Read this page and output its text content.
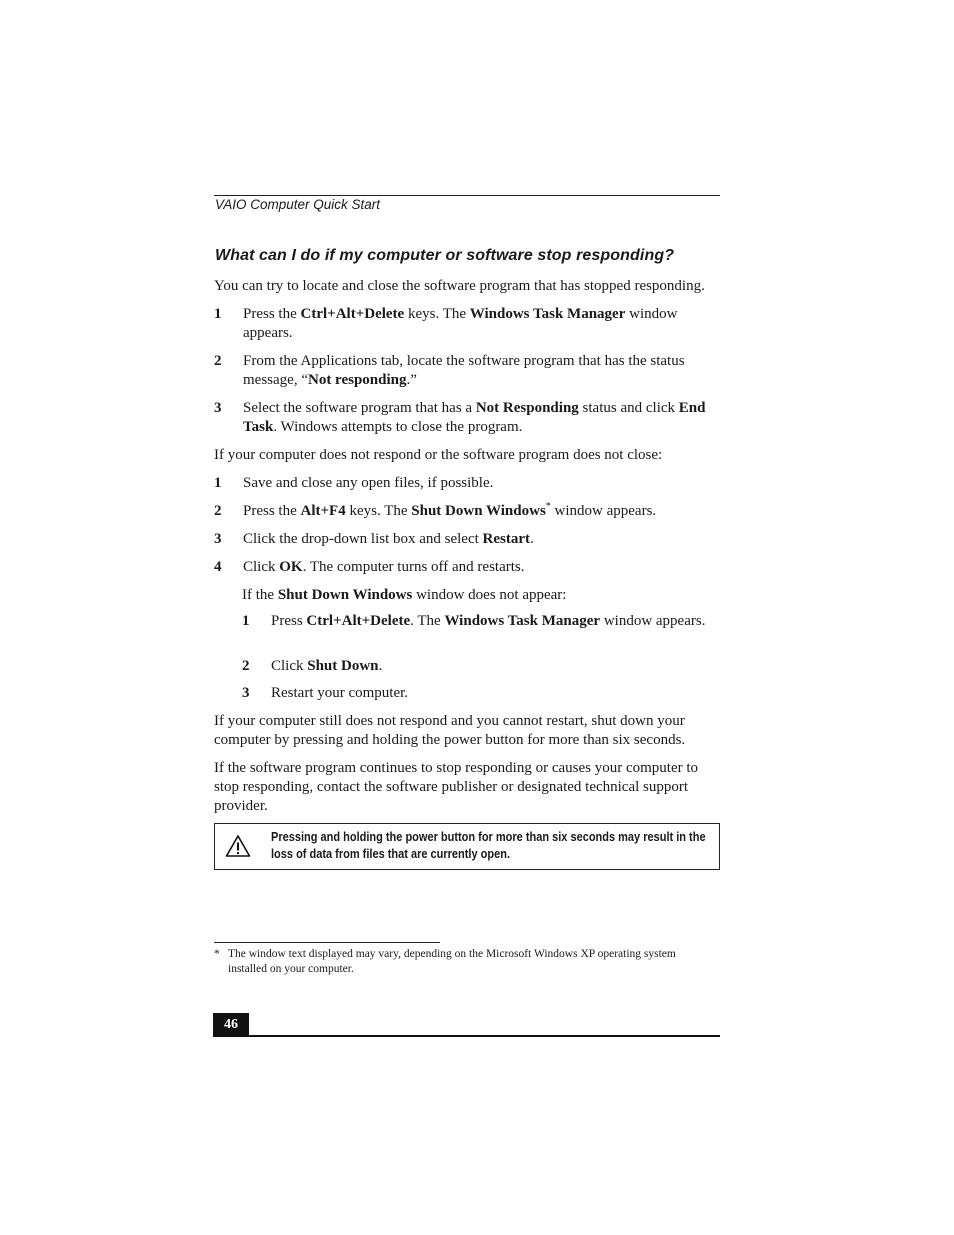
VAIO Computer Quick Start
What can I do if my computer or software stop responding?
You can try to locate and close the software program that has stopped responding.
1 Press the Ctrl+Alt+Delete keys. The Windows Task Manager window appears.
2 From the Applications tab, locate the software program that has the status message, “Not responding.”
3 Select the software program that has a Not Responding status and click End Task. Windows attempts to close the program.
If your computer does not respond or the software program does not close:
1 Save and close any open files, if possible.
2 Press the Alt+F4 keys. The Shut Down Windows* window appears.
3 Click the drop-down list box and select Restart.
4 Click OK. The computer turns off and restarts.
If the Shut Down Windows window does not appear:
1 Press Ctrl+Alt+Delete. The Windows Task Manager window appears.
2 Click Shut Down.
3 Restart your computer.
If your computer still does not respond and you cannot restart, shut down your computer by pressing and holding the power button for more than six seconds.
If the software program continues to stop responding or causes your computer to stop responding, contact the software publisher or designated technical support provider.
Pressing and holding the power button for more than six seconds may result in the loss of data from files that are currently open.
* The window text displayed may vary, depending on the Microsoft Windows XP operating system installed on your computer.
46
